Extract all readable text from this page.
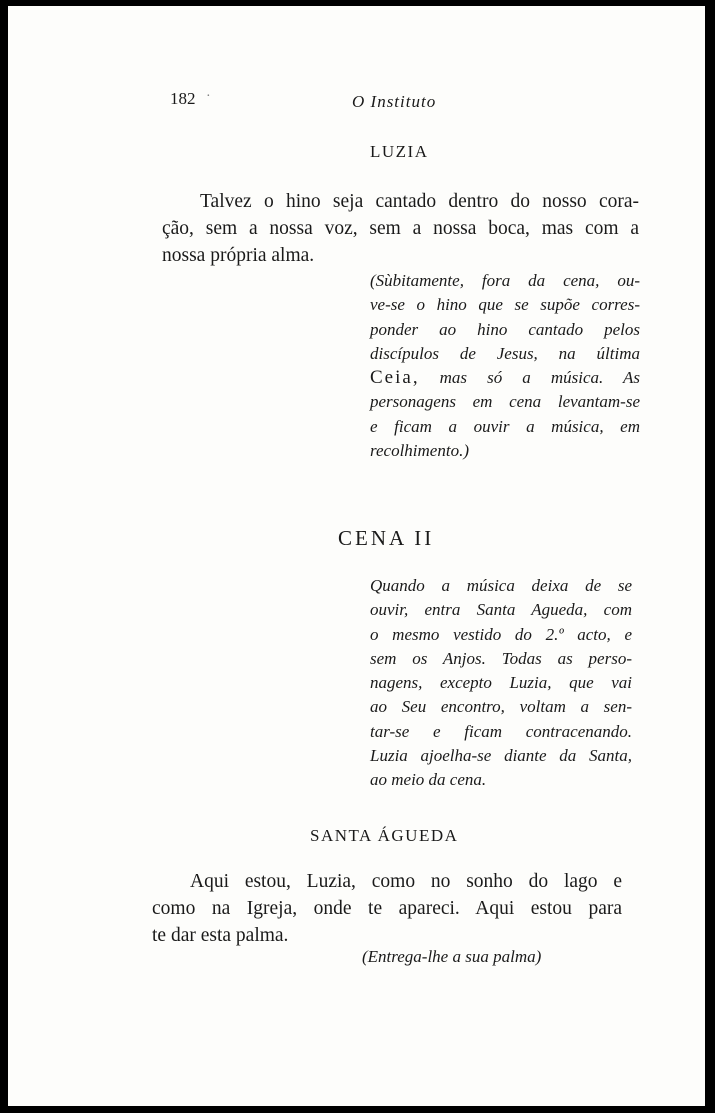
182 ·	O Instituto
LUZIA
Talvez o hino seja cantado dentro do nosso cora-
ção, sem a nossa voz, sem a nossa boca, mas com a
nossa própria alma.
(Sùbitamente, fora da cena, ou-
ve-se o hino que se supõe corres-
ponder ao hino cantado pelos
discípulos de Jesus, na última
Ceia, mas só a música. As
personagens em cena levantam-se
e ficam a ouvir a música, em
recolhimento.)
CENA II
Quando a música deixa de se
ouvir, entra Santa Agueda, com
o mesmo vestido do 2.º acto, e
sem os Anjos. Todas as perso-
nagens, excepto Luzia, que vai
ao Seu encontro, voltam a sen-
tar-se e ficam contracenando.
Luzia ajoelha-se diante da Santa,
ao meio da cena.
SANTA ÁGUEDA
Aqui estou, Luzia, como no sonho do lago e
como na Igreja, onde te apareci. Aqui estou para
te dar esta palma.
(Entrega-lhe a sua palma)
